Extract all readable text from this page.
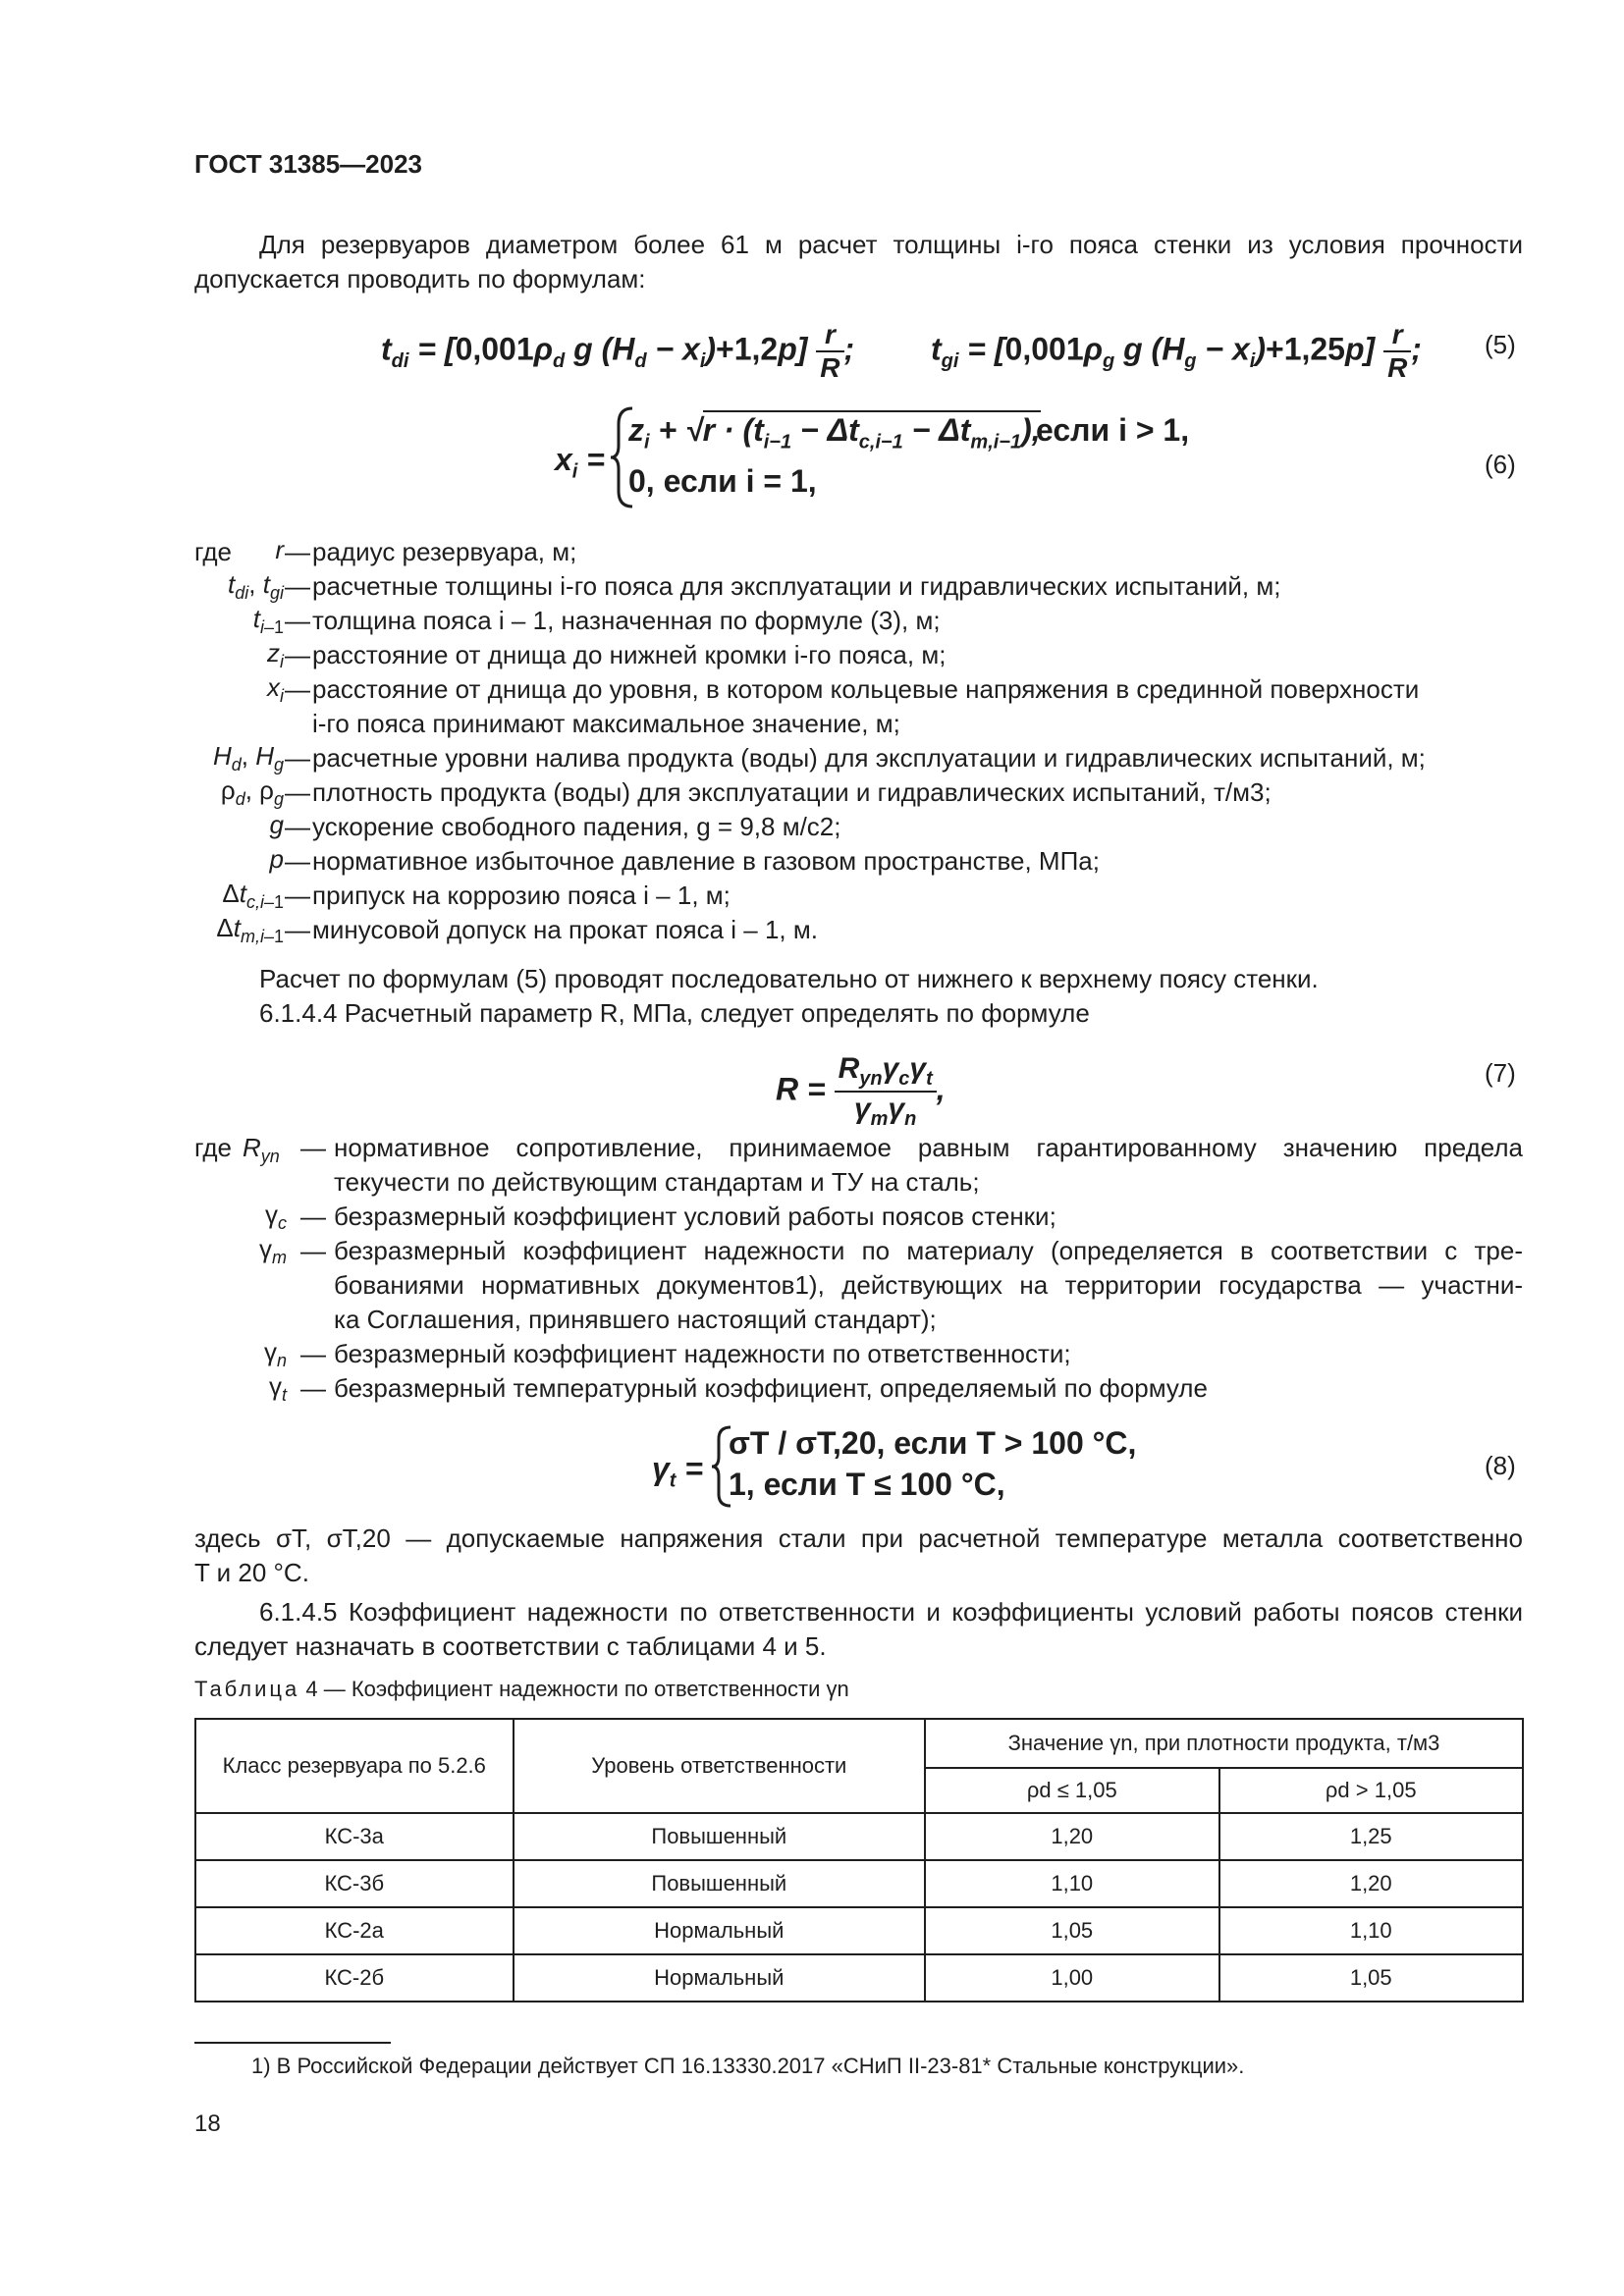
ГОСТ 31385—2023
Для резервуаров диаметром более 61 м расчет толщины i-го пояса стенки из условия прочности допускается проводить по формулам:
$t_{di} = [0,001\rho_d$ g $(H_d - x_i)+1,2p] \frac{r}{R}$ ;  $t_{gi} = [0,001\rho_g$ g $(H_g - x_i)+1,25p] \frac{r}{R}$ ; (5)
$x_i$ =
$z_i + √r \cdot (t_{i-1} - \Delta t_{c,i-1} - \Delta t_{m,i-1})$,
если i > 1,
0, если i = 1,	(6)
где r — радиус резервуара, м;
$t_{di}$, $t_{gi}$ — расчетные толщины i-го пояса для эксплуатации и гидравлических испытаний, м;
$t_{i-1}$ — толщина пояса i – 1, назначенная по формуле (3), м;
$z_i$ — расстояние от днища до нижней кромки i-го пояса, м;
$x_i$ — расстояние от днища до уровня, в котором кольцевые напряжения в срединной поверхности
i-го пояса принимают максимальное значение, м;
$H_d$, $H_g$ — расчетные уровни налива продукта (воды) для эксплуатации и гидравлических испытаний, м;
$\rho_d$, $\rho_g$ — плотность продукта (воды) для эксплуатации и гидравлических испытаний, т/м3;
g — ускорение свободного падения, g = 9,8 м/с2;
p — нормативное избыточное давление в газовом пространстве, МПа;
$\Delta t_{c,i-1}$ — припуск на коррозию пояса i – 1, м;
$\Delta t_{m,i-1}$ — минусовой допуск на прокат пояса i – 1, м.
Расчет по формулам (5) проводят последовательно от нижнего к верхнему поясу стенки.
6.1.4.4 Расчетный параметр R, МПа, следует определять по формуле
$R = \frac{R_{yn}\gamma_c\gamma_t}{\gamma_m\gamma_n}$ ,	(7)
где $R_{yn}$ — нормативное сопротивление, принимаемое равным гарантированному значению предела
текучести по действующим стандартам и ТУ на сталь;
$\gamma_c$ — безразмерный коэффициент условий работы поясов стенки;
$\gamma_m$ — безразмерный коэффициент надежности по материалу (определяется в соответствии с тре-
бованиями нормативных документов1), действующих на территории государства — участни-
ка Соглашения, принявшего настоящий стандарт);
$\gamma_n$ — безразмерный коэффициент надежности по ответственности;
$\gamma_t$ — безразмерный температурный коэффициент, определяемый по формуле
$\gamma_t$ =
σT / σT,20, если T > 100 °C,
1, если T ≤ 100 °C,
(8)
здесь σT, σT,20 — допускаемые напряжения стали при расчетной температуре металла соответственно
T и 20 °C.
6.1.4.5 Коэффициент надежности по ответственности и коэффициенты условий работы поясов стенки следует назначать в соответствии с таблицами 4 и 5.
Таблица 4 — Коэффициент надежности по ответственности γn
Класс резервуара по 5.2.6	Уровень ответственности	Значение γn, при плотности продукта, т/м3	
		ρd ≤ 1,05	ρd > 1,05
КС-3а	Повышенный	1,20	1,25
КС-3б	Повышенный	1,10	1,20
КС-2а	Нормальный	1,05	1,10
КС-2б	Нормальный	1,00	1,05
1) В Российской Федерации действует СП 16.13330.2017 «СНиП II-23-81* Стальные конструкции».
18
